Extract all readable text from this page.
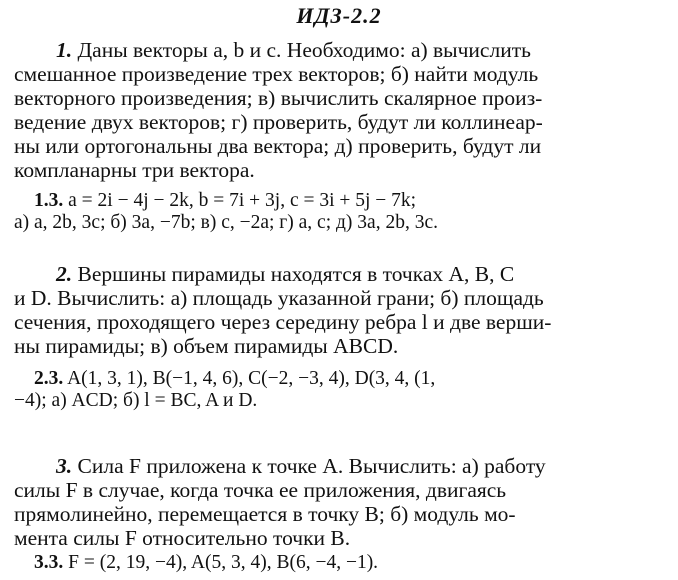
ИДЗ-2.2
1. Даны векторы a, b и c. Необходимо: а) вычислить
смешанное произведение трех векторов; б) найти модуль
векторного произведения; в) вычислить скалярное произ-
ведение двух векторов; г) проверить, будут ли коллинеар-
ны или ортогональны два вектора; д) проверить, будут ли
компланарны три вектора.
1.3. a = 2i − 4j − 2k, b = 7i + 3j, c = 3i + 5j − 7k;
а) a, 2b, 3c; б) 3a, −7b; в) c, −2a; г) a, c; д) 3a, 2b, 3c.
2. Вершины пирамиды находятся в точках A, B, C
и D. Вычислить: а) площадь указанной грани; б) площадь
сечения, проходящего через середину ребра l и две верши-
ны пирамиды; в) объем пирамиды ABCD.
2.3. A(1, 3, 1), B(−1, 4, 6), C(−2, −3, 4), D(3, 4, (1,
−4); а) ACD; б) l = BC, A и D.
3. Сила F приложена к точке A. Вычислить: а) работу
силы F в случае, когда точка ее приложения, двигаясь
прямолинейно, перемещается в точку B; б) модуль мо-
мента силы F относительно точки B.
3.3. F = (2, 19, −4), A(5, 3, 4), B(6, −4, −1).
